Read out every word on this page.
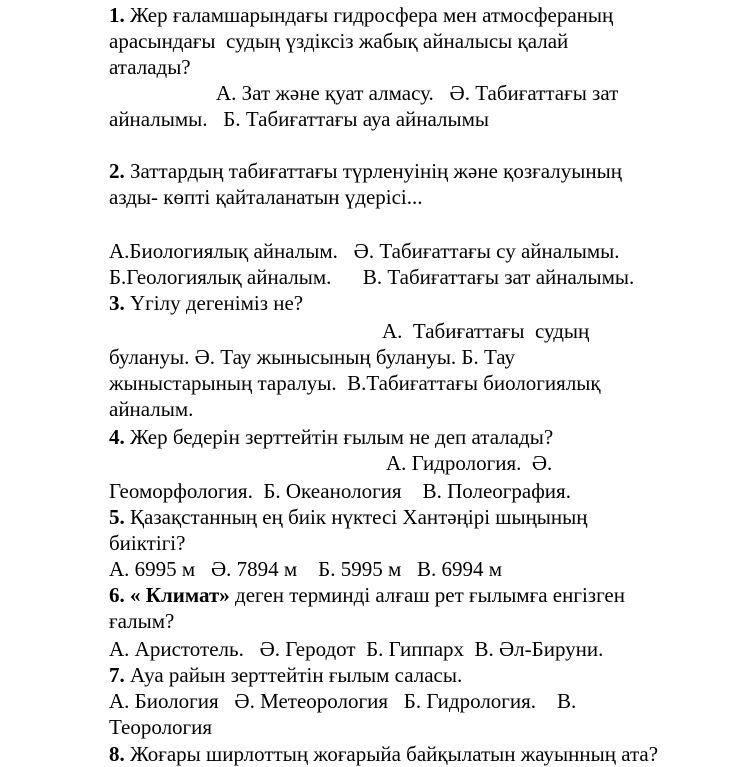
1. Жер ғаламшарындағы гидросфера мен атмосфераның
арасындағы  судың үздіксіз жабық айналысы қалай
аталады?
А. Зат және қуат алмасу.   Ә. Табиғаттағы зат
айналымы.   Б. Табиғаттағы ауа айналымы
2. Заттардың табиғаттағы түрленуінің және қозғалуының
азды- көпті қайталанатын үдерісі...
А.Биологиялық айналым.   Ә. Табиғаттағы су айналымы.
Б.Геологиялық айналым.      В. Табиғаттағы зат айналымы.
3. Үгілу дегеніміз не?
А.  Табиғаттағы  судың
булануы. Ә. Тау жынысының булануы. Б. Тау
жыныстарының таралуы.  В.Табиғаттағы биологиялық
айналым.
4. Жер бедерін зерттейтін ғылым не деп аталады?
А. Гидрология.  Ә.
Геоморфология.  Б. Океанология    В. Полеография.
5. Қазақстанның ең биік нүктесі Хантәңірі шыңының
биіктігі?
А. 6995 м   Ә. 7894 м    Б. 5995 м   В. 6994 м
6. « Климат» деген терминді алғаш рет ғылымға енгізген
ғалым?
А. Аристотель.   Ә. Геродот  Б. Гиппарх  В. Әл-Бируни.
7. Ауа райын зерттейтін ғылым саласы.
А. Биология   Ә. Метеорология   Б. Гидрология.    В.
Теорология
8. Жоғары ширлоттың жоғарыйа байқылатын жауынның ата?
